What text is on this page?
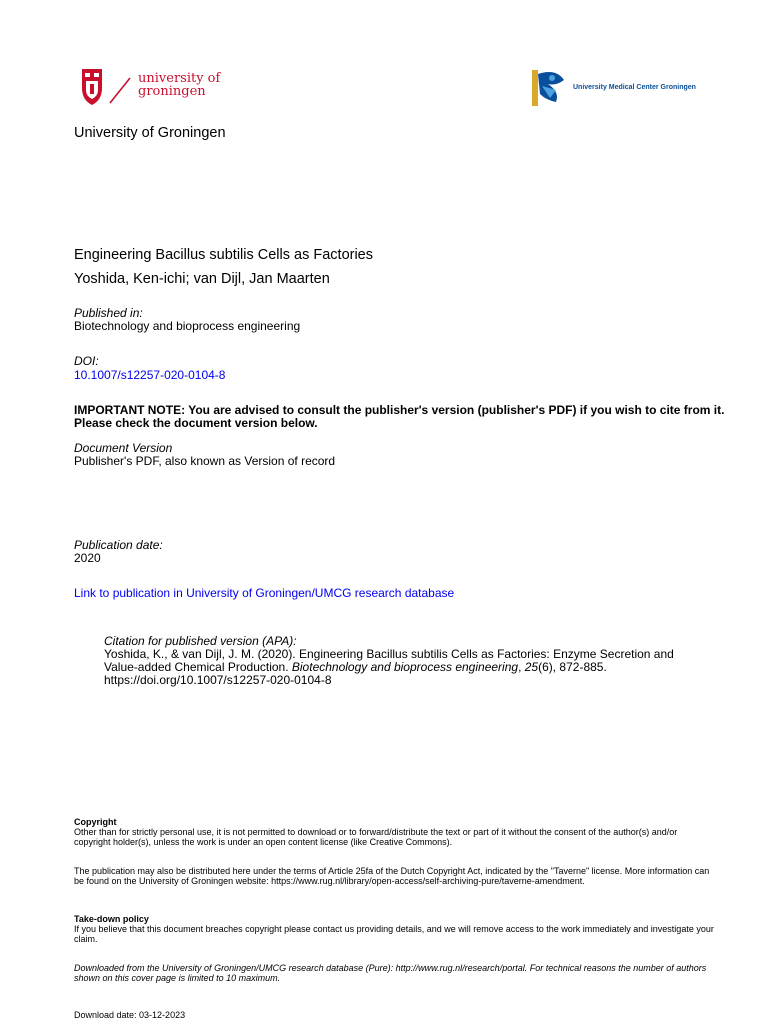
university of
groningen	University Medical Center Groningen
University of Groningen
Engineering Bacillus subtilis Cells as Factories
Yoshida, Ken-ichi; van Dijl, Jan Maarten
Published in:
Biotechnology and bioprocess engineering
DOI:
10.1007/s12257-020-0104-8
IMPORTANT NOTE: You are advised to consult the publisher's version (publisher's PDF) if you wish to cite from it. Please check the document version below.
Document Version
Publisher's PDF, also known as Version of record
Publication date:
2020
Link to publication in University of Groningen/UMCG research database
Citation for published version (APA):
Yoshida, K., & van Dijl, J. M. (2020). Engineering Bacillus subtilis Cells as Factories: Enzyme Secretion and Value-added Chemical Production. Biotechnology and bioprocess engineering, 25(6), 872-885. https://doi.org/10.1007/s12257-020-0104-8
Copyright
Other than for strictly personal use, it is not permitted to download or to forward/distribute the text or part of it without the consent of the author(s) and/or copyright holder(s), unless the work is under an open content license (like Creative Commons).
The publication may also be distributed here under the terms of Article 25fa of the Dutch Copyright Act, indicated by the "Taverne" license. More information can be found on the University of Groningen website: https://www.rug.nl/library/open-access/self-archiving-pure/taverne-amendment.
Take-down policy
If you believe that this document breaches copyright please contact us providing details, and we will remove access to the work immediately and investigate your claim.
Downloaded from the University of Groningen/UMCG research database (Pure): http://www.rug.nl/research/portal. For technical reasons the number of authors shown on this cover page is limited to 10 maximum.
Download date: 03-12-2023
